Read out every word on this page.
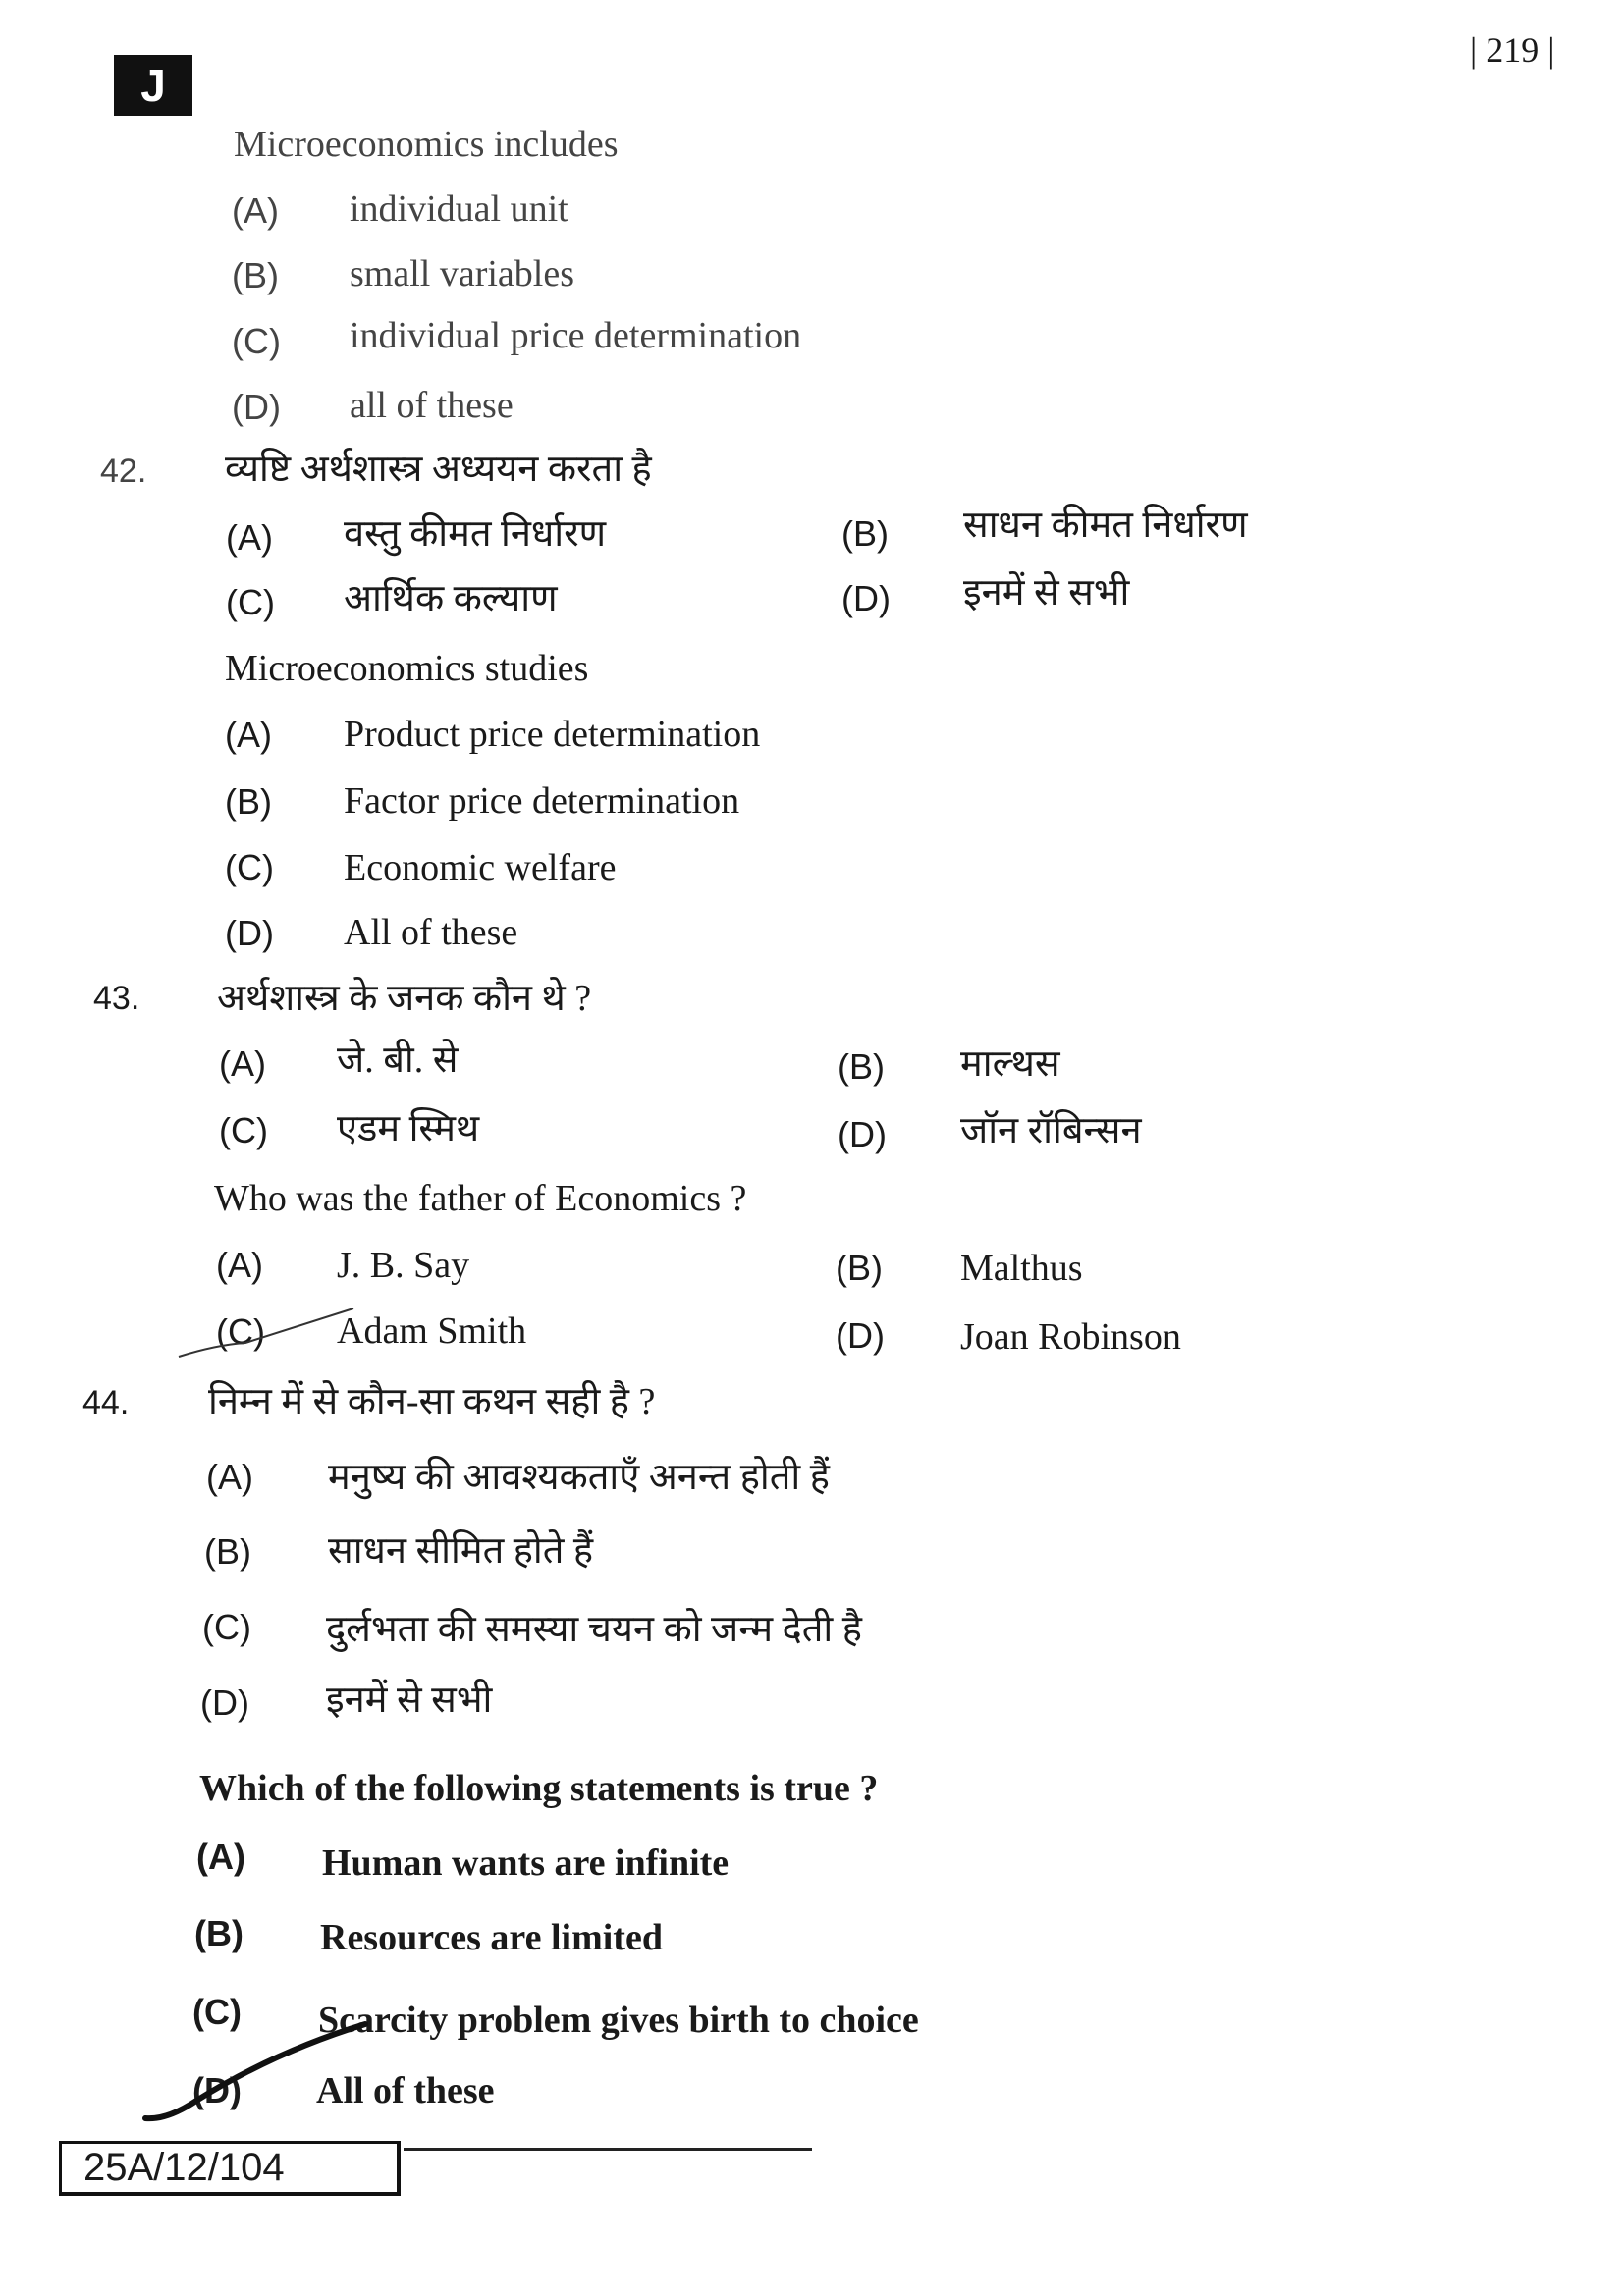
J
| 219 |
Microeconomics includes
(A) individual unit
(B) small variables
(C) individual price determination
(D) all of these
42. व्यष्टि अर्थशास्त्र अध्ययन करता है
(A) वस्तु कीमत निर्धारण	(B) साधन कीमत निर्धारण
(C) आर्थिक कल्याण	(D) इनमें से सभी
Microeconomics studies
(A) Product price determination
(B) Factor price determination
(C) Economic welfare
(D) All of these
43. अर्थशास्त्र के जनक कौन थे ?
(A) जे. बी. से	(B) माल्थस
(C) एडम स्मिथ	(D) जॉन रॉबिन्सन
Who was the father of Economics ?
(A) J. B. Say	(B) Malthus
(C) Adam Smith	(D) Joan Robinson
44. निम्न में से कौन-सा कथन सही है ?
(A) मनुष्य की आवश्यकताएँ अनन्त होती हैं
(B) साधन सीमित होते हैं
(C) दुर्लभता की समस्या चयन को जन्म देती है
(D) इनमें से सभी
Which of the following statements is true ?
(A) Human wants are infinite
(B) Resources are limited
(C) Scarcity problem gives birth to choice
(D) All of these
25A/12/104
